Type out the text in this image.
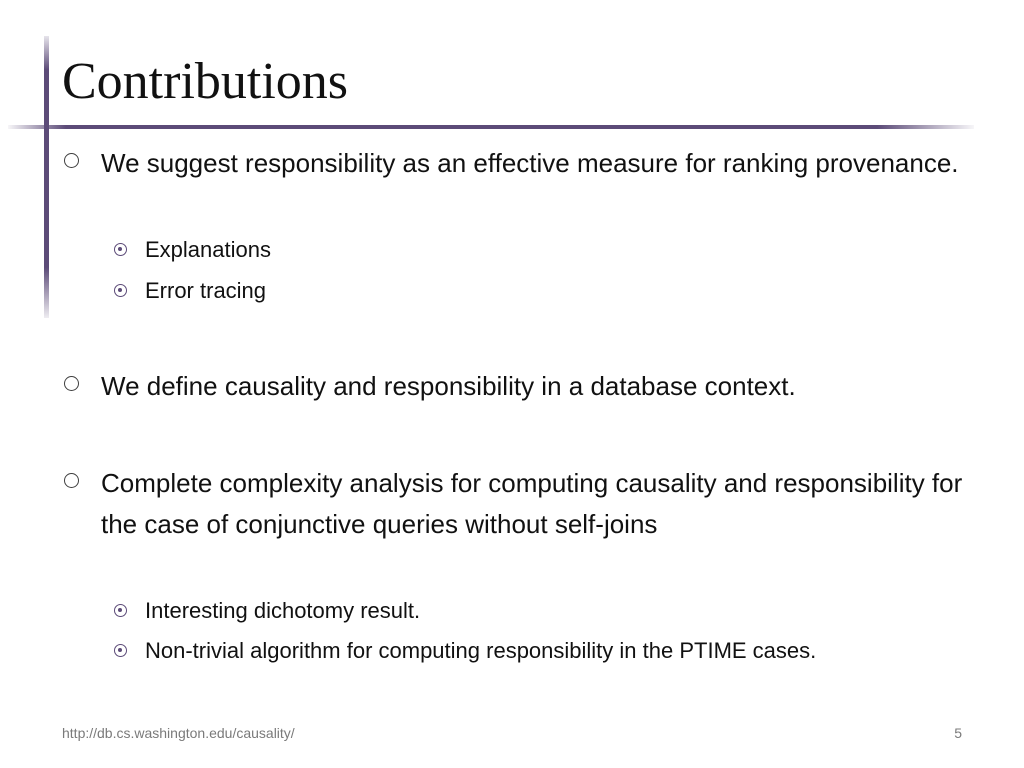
Contributions
We suggest responsibility as an effective measure for ranking provenance.
Explanations
Error tracing
We define causality and responsibility in a database context.
Complete complexity analysis for computing causality and responsibility for the case of conjunctive queries without self-joins
Interesting dichotomy result.
Non-trivial algorithm for computing responsibility in the PTIME cases.
http://db.cs.washington.edu/causality/	5
